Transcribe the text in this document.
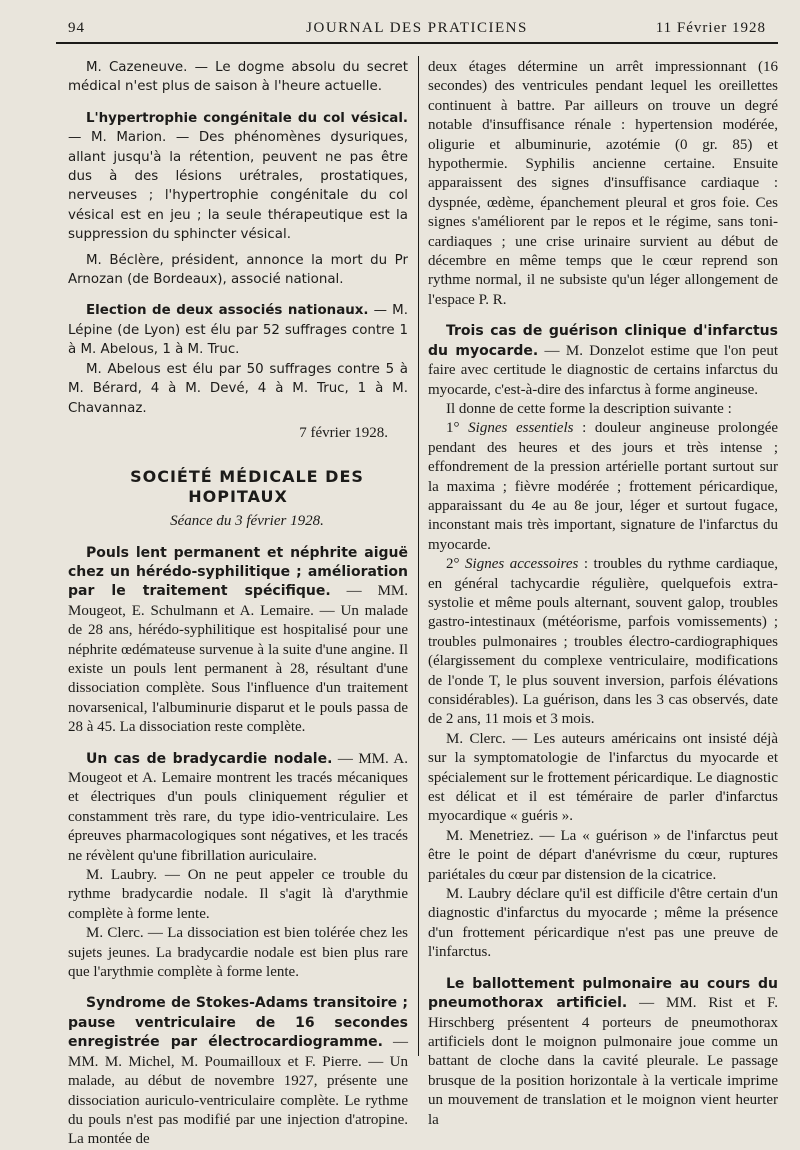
94	JOURNAL DES PRATICIENS	11 Février 1928

M. Cazeneuve. — Le dogme absolu du secret médical n'est plus de saison à l'heure actuelle.

L'hypertrophie congénitale du col vésical. — M. Marion. — Des phénomènes dysuriques, allant jusqu'à la rétention, peuvent ne pas être dus à des lésions urétrales, prostatiques, nerveuses ; l'hypertrophie congénitale du col vésical est en jeu ; la seule thérapeutique est la suppression du sphincter vésical.

M. Béclère, président, annonce la mort du Pr Arnozan (de Bordeaux), associé national.

Election de deux associés nationaux. — M. Lépine (de Lyon) est élu par 52 suffrages contre 1 à M. Abelous, 1 à M. Truc.

M. Abelous est élu par 50 suffrages contre 5 à M. Bérard, 4 à M. Devé, 4 à M. Truc, 1 à M. Chavannaz.

7 février 1928.

SOCIÉTÉ MÉDICALE DES HOPITAUX

Séance du 3 février 1928.

Pouls lent permanent et néphrite aiguë chez un hérédo-syphilitique ; amélioration par le traitement spécifique. — MM. Mougeot, E. Schulmann et A. Lemaire. — Un malade de 28 ans, hérédo-syphilitique est hospitalisé pour une néphrite œdémateuse survenue à la suite d'une angine. Il existe un pouls lent permanent à 28, résultant d'une dissociation complète. Sous l'influence d'un traitement novarsenical, l'albuminurie disparut et le pouls passa de 28 à 45. La dissociation reste complète.

Un cas de bradycardie nodale. — MM. A. Mougeot et A. Lemaire montrent les tracés mécaniques et électriques d'un pouls cliniquement régulier et constamment très rare, du type idio-ventriculaire. Les épreuves pharmacologiques sont négatives, et les tracés ne révèlent qu'une fibrillation auriculaire.

M. Laubry. — On ne peut appeler ce trouble du rythme bradycardie nodale. Il s'agit là d'arythmie complète à forme lente.

M. Clerc. — La dissociation est bien tolérée chez les sujets jeunes. La bradycardie nodale est bien plus rare que l'arythmie complète à forme lente.

Syndrome de Stokes-Adams transitoire ; pause ventriculaire de 16 secondes enregistrée par électrocardiogramme. — MM. M. Michel, M. Poumailloux et F. Pierre. — Un malade, au début de novembre 1927, présente une dissociation auriculo-ventriculaire complète. Le rythme du pouls n'est pas modifié par une injection d'atropine. La montée de

deux étages détermine un arrêt impressionnant (16 secondes) des ventricules pendant lequel les oreillettes continuent à battre. Par ailleurs on trouve un degré notable d'insuffisance rénale : hypertension modérée, oligurie et albuminurie, azotémie (0 gr. 85) et hypothermie. Syphilis ancienne certaine. Ensuite apparaissent des signes d'insuffisance cardiaque : dyspnée, œdème, épanchement pleural et gros foie. Ces signes s'améliorent par le repos et le régime, sans toni-cardiaques ; une crise urinaire survient au début de décembre en même temps que le cœur reprend son rythme normal, il ne subsiste qu'un léger allongement de l'espace P. R.

Trois cas de guérison clinique d'infarctus du myocarde. — M. Donzelot estime que l'on peut faire avec certitude le diagnostic de certains infarctus du myocarde, c'est-à-dire des infarctus à forme angineuse.

Il donne de cette forme la description suivante :

1° Signes essentiels : douleur angineuse prolongée pendant des heures et des jours et très intense ; effondrement de la pression artérielle portant surtout sur la maxima ; fièvre modérée ; frottement péricardique, apparaissant du 4e au 8e jour, léger et surtout fugace, inconstant mais très important, signature de l'infarctus du myocarde.

2° Signes accessoires : troubles du rythme cardiaque, en général tachycardie régulière, quelquefois extra-systolie et même pouls alternant, souvent galop, troubles gastro-intestinaux (météorisme, parfois vomissements) ; troubles pulmonaires ; troubles électro-cardiographiques (élargissement du complexe ventriculaire, modifications de l'onde T, le plus souvent inversion, parfois élévations considérables). La guérison, dans les 3 cas observés, date de 2 ans, 11 mois et 3 mois.

M. Clerc. — Les auteurs américains ont insisté déjà sur la symptomatologie de l'infarctus du myocarde et spécialement sur le frottement péricardique. Le diagnostic est délicat et il est téméraire de parler d'infarctus myocardique « guéris ».

M. Menetriez. — La « guérison » de l'infarctus peut être le point de départ d'anévrisme du cœur, ruptures pariétales du cœur par distension de la cicatrice.

M. Laubry déclare qu'il est difficile d'être certain d'un diagnostic d'infarctus du myocarde ; même la présence d'un frottement péricardique n'est pas une preuve de l'infarctus.

Le ballottement pulmonaire au cours du pneumothorax artificiel. — MM. Rist et F. Hirschberg présentent 4 porteurs de pneumothorax artificiels dont le moignon pulmonaire joue comme un battant de cloche dans la cavité pleurale. Le passage brusque de la position horizontale à la verticale imprime un mouvement de translation et le moignon vient heurter la
